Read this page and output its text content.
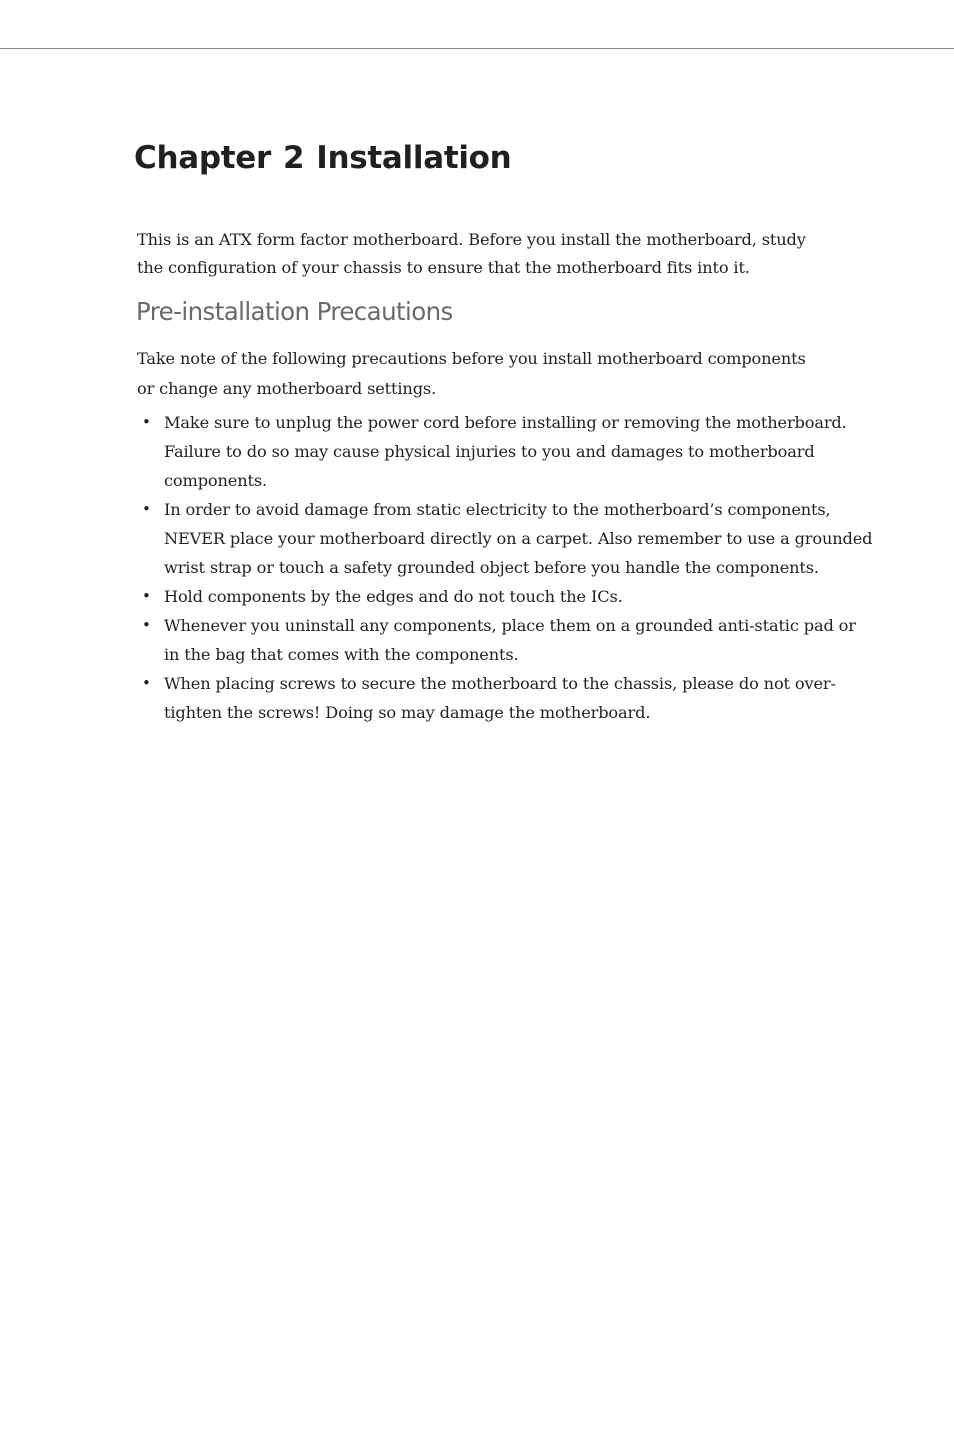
Chapter 2 Installation

This is an ATX form factor motherboard. Before you install the motherboard, study
the configuration of your chassis to ensure that the motherboard fits into it.

Pre-installation Precautions

Take note of the following precautions before you install motherboard components
or change any motherboard settings.

• Make sure to unplug the power cord before installing or removing the motherboard.
Failure to do so may cause physical injuries to you and damages to motherboard
components.
• In order to avoid damage from static electricity to the motherboard’s components,
NEVER place your motherboard directly on a carpet. Also remember to use a grounded
wrist strap or touch a safety grounded object before you handle the components.
• Hold components by the edges and do not touch the ICs.
• Whenever you uninstall any components, place them on a grounded anti-static pad or
in the bag that comes with the components.
• When placing screws to secure the motherboard to the chassis, please do not over-
tighten the screws! Doing so may damage the motherboard.
